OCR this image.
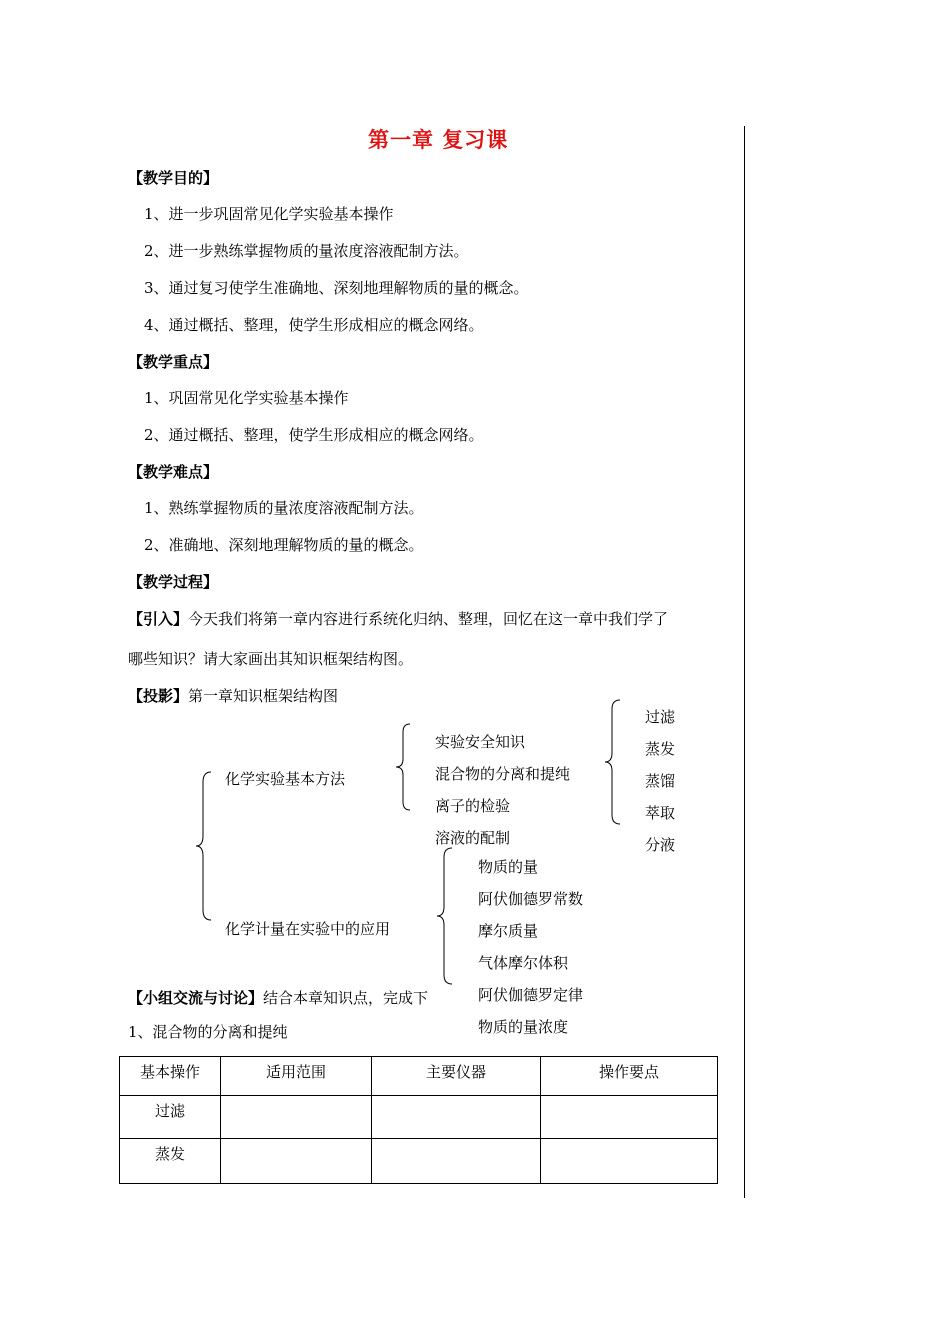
第一章 复习课
【教学目的】
1、进一步巩固常见化学实验基本操作
2、进一步熟练掌握物质的量浓度溶液配制方法。
3、通过复习使学生准确地、深刻地理解物质的量的概念。
4、通过概括、整理，使学生形成相应的概念网络。
【教学重点】
1、巩固常见化学实验基本操作
2、通过概括、整理，使学生形成相应的概念网络。
【教学难点】
1、熟练掌握物质的量浓度溶液配制方法。
2、准确地、深刻地理解物质的量的概念。
【教学过程】
【引入】今天我们将第一章内容进行系统化归纳、整理，回忆在这一章中我们学了
哪些知识？请大家画出其知识框架结构图。
【投影】第一章知识框架结构图
化学实验基本方法
实验安全知识
混合物的分离和提纯
离子的检验
溶液的配制
过滤
蒸发
蒸馏
萃取
分液
化学计量在实验中的应用
物质的量
阿伏伽德罗常数
摩尔质量
气体摩尔体积
【小组交流与讨论】结合本章知识点，完成下	阿伏伽德罗定律
物质的量浓度
1、混合物的分离和提纯
基本操作	适用范围	主要仪器	操作要点
过滤			
蒸发			
